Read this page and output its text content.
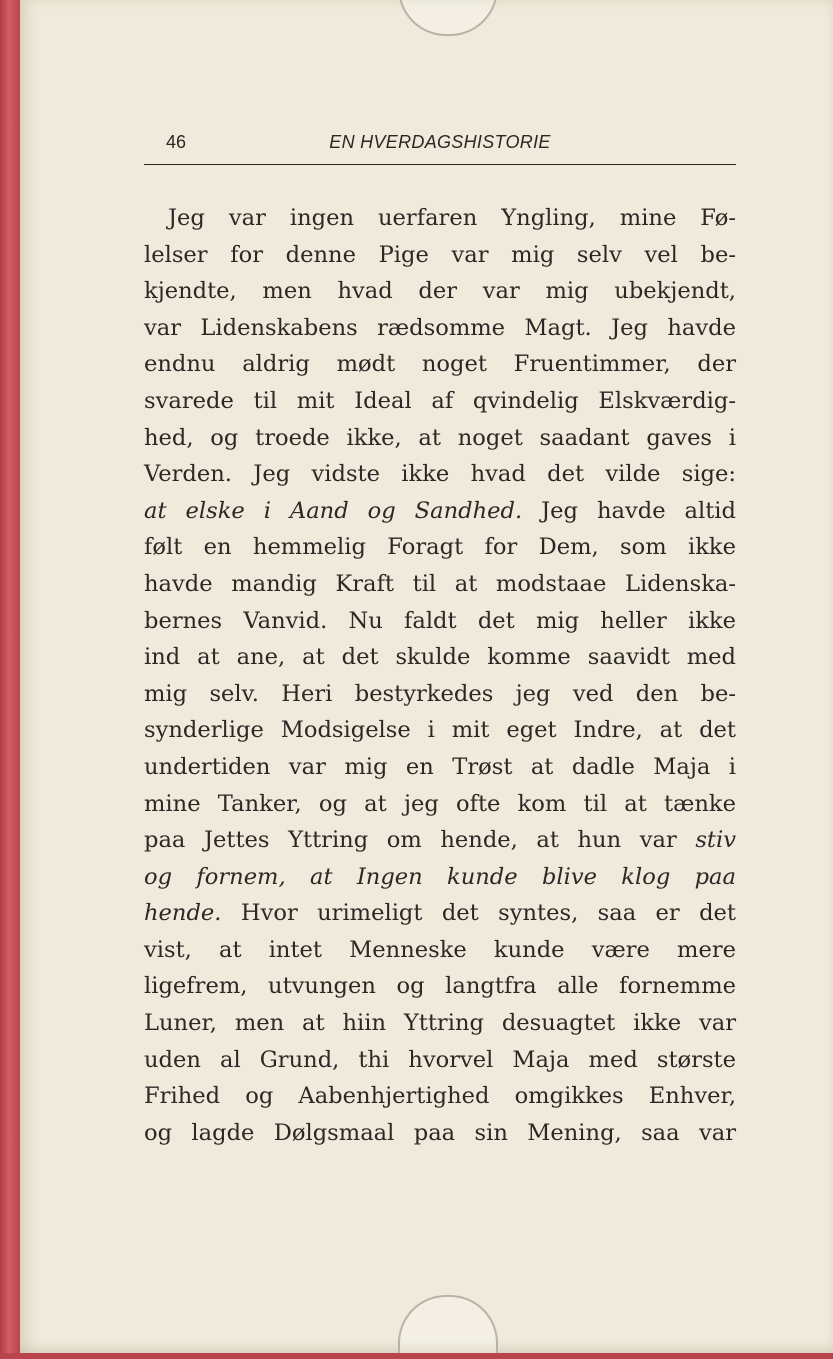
46	EN HVERDAGSHISTORIE
Jeg var ingen uerfaren Yngling, mine Fø-
lelser for denne Pige var mig selv vel be-
kjendte, men hvad der var mig ubekjendt,
var Lidenskabens rædsomme Magt. Jeg havde
endnu aldrig mødt noget Fruentimmer, der
svarede til mit Ideal af qvindelig Elskværdig-
hed, og troede ikke, at noget saadant gaves i
Verden. Jeg vidste ikke hvad det vilde sige:
at elske i Aand og Sandhed. Jeg havde altid
følt en hemmelig Foragt for Dem, som ikke
havde mandig Kraft til at modstaae Lidenska-
bernes Vanvid. Nu faldt det mig heller ikke
ind at ane, at det skulde komme saavidt med
mig selv. Heri bestyrkedes jeg ved den be-
synderlige Modsigelse i mit eget Indre, at det
undertiden var mig en Trøst at dadle Maja i
mine Tanker, og at jeg ofte kom til at tænke
paa Jettes Yttring om hende, at hun var stiv
og fornem, at Ingen kunde blive klog paa
hende. Hvor urimeligt det syntes, saa er det
vist, at intet Menneske kunde være mere
ligefrem, utvungen og langtfra alle fornemme
Luner, men at hiin Yttring desuagtet ikke var
uden al Grund, thi hvorvel Maja med største
Frihed og Aabenhjertighed omgikkes Enhver,
og lagde Dølgsmaal paa sin Mening, saa var
